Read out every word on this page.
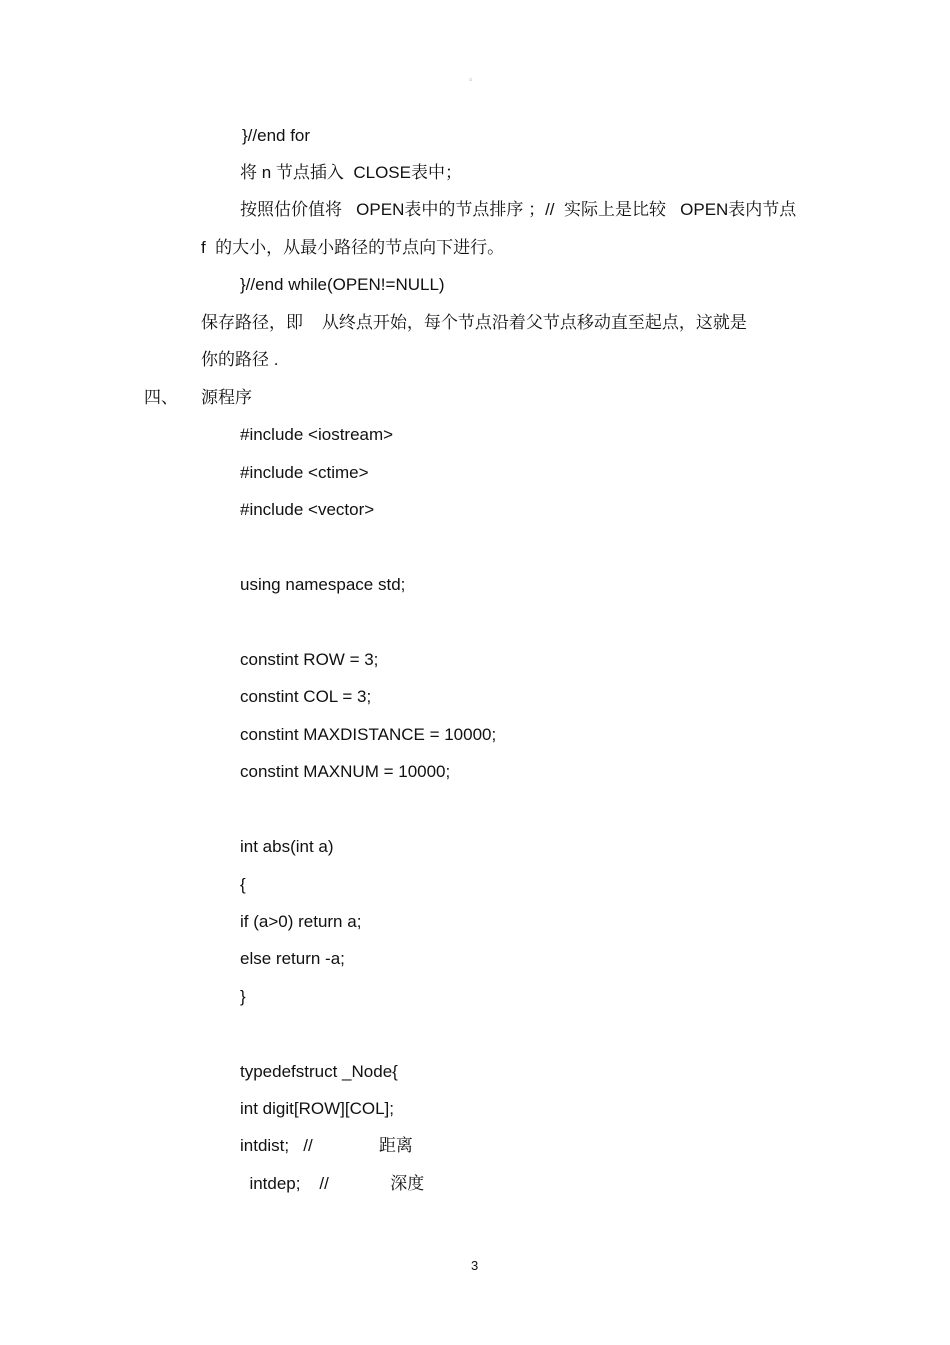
。
}//end for
将 n 节点插入  CLOSE表中；
按照估价值将   OPEN表中的节点排序 ；//  实际上是比较   OPEN表内节点
f  的大小，从最小路径的节点向下进行。
}//end while(OPEN!=NULL)
保存路径，即    从终点开始，每个节点沿着父节点移动直至起点，这就是
你的路径 .
四、 源程序
#include <iostream>
#include <ctime>
#include <vector>
using namespace std;
constint ROW = 3;
constint COL = 3;
constint MAXDISTANCE = 10000;
constint MAXNUM = 10000;
int abs(int a)
{
if (a>0) return a;
else return -a;
}
typedefstruct _Node{
int digit[ROW][COL];
intdist;   //              距离
intdep;    //             深度
3
